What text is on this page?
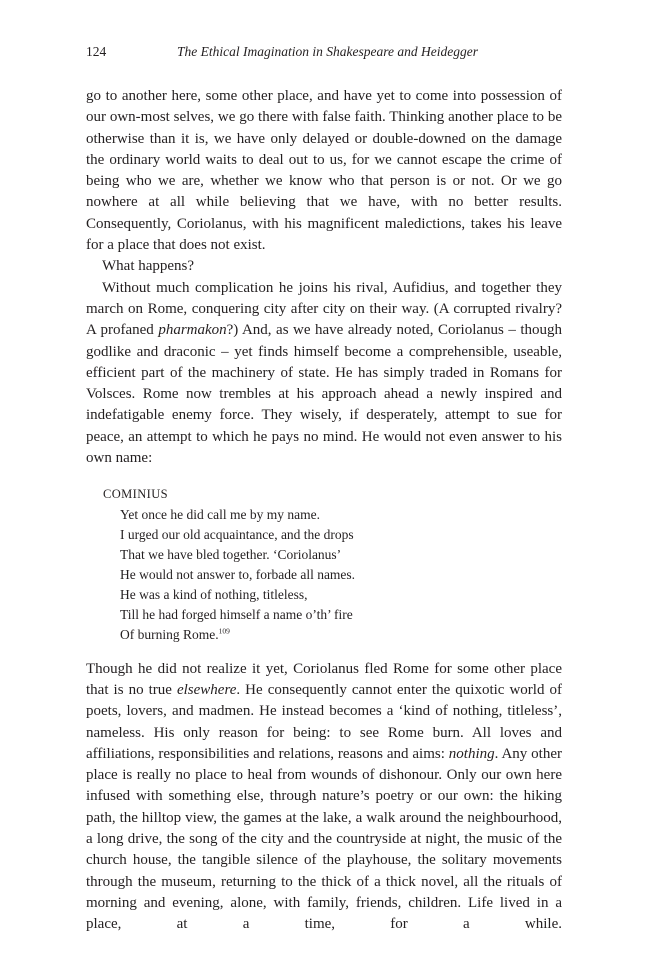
124	The Ethical Imagination in Shakespeare and Heidegger

go to another here, some other place, and have yet to come into possession of our own-most selves, we go there with false faith. Thinking another place to be otherwise than it is, we have only delayed or double-downed on the damage the ordinary world waits to deal out to us, for we cannot escape the crime of being who we are, whether we know who that person is or not. Or we go nowhere at all while believing that we have, with no better results. Consequently, Coriolanus, with his magnificent maledictions, takes his leave for a place that does not exist.

What happens?

Without much complication he joins his rival, Aufidius, and together they march on Rome, conquering city after city on their way. (A corrupted rivalry? A profaned pharmakon?) And, as we have already noted, Coriolanus – though godlike and draconic – yet finds himself become a comprehensible, useable, efficient part of the machinery of state. He has simply traded in Romans for Volsces. Rome now trembles at his approach ahead a newly inspired and indefatigable enemy force. They wisely, if desperately, attempt to sue for peace, an attempt to which he pays no mind. He would not even answer to his own name:

COMINIUS
Yet once he did call me by my name.
I urged our old acquaintance, and the drops
That we have bled together. ‘Coriolanus’
He would not answer to, forbade all names.
He was a kind of nothing, titleless,
Till he had forged himself a name o’th’ fire
Of burning Rome.$^{109}$

Though he did not realize it yet, Coriolanus fled Rome for some other place that is no true elsewhere. He consequently cannot enter the quixotic world of poets, lovers, and madmen. He instead becomes a ‘kind of nothing, titleless’, nameless. His only reason for being: to see Rome burn. All loves and affiliations, responsibilities and relations, reasons and aims: nothing. Any other place is really no place to heal from wounds of dishonour. Only our own here infused with something else, through nature’s poetry or our own: the hiking path, the hilltop view, the games at the lake, a walk around the neighbourhood, a long drive, the song of the city and the countryside at night, the music of the church house, the tangible silence of the playhouse, the solitary movements through the museum, returning to the thick of a thick novel, all the rituals of morning and evening, alone, with family, friends, children. Life lived in a place, at a time, for a while.
